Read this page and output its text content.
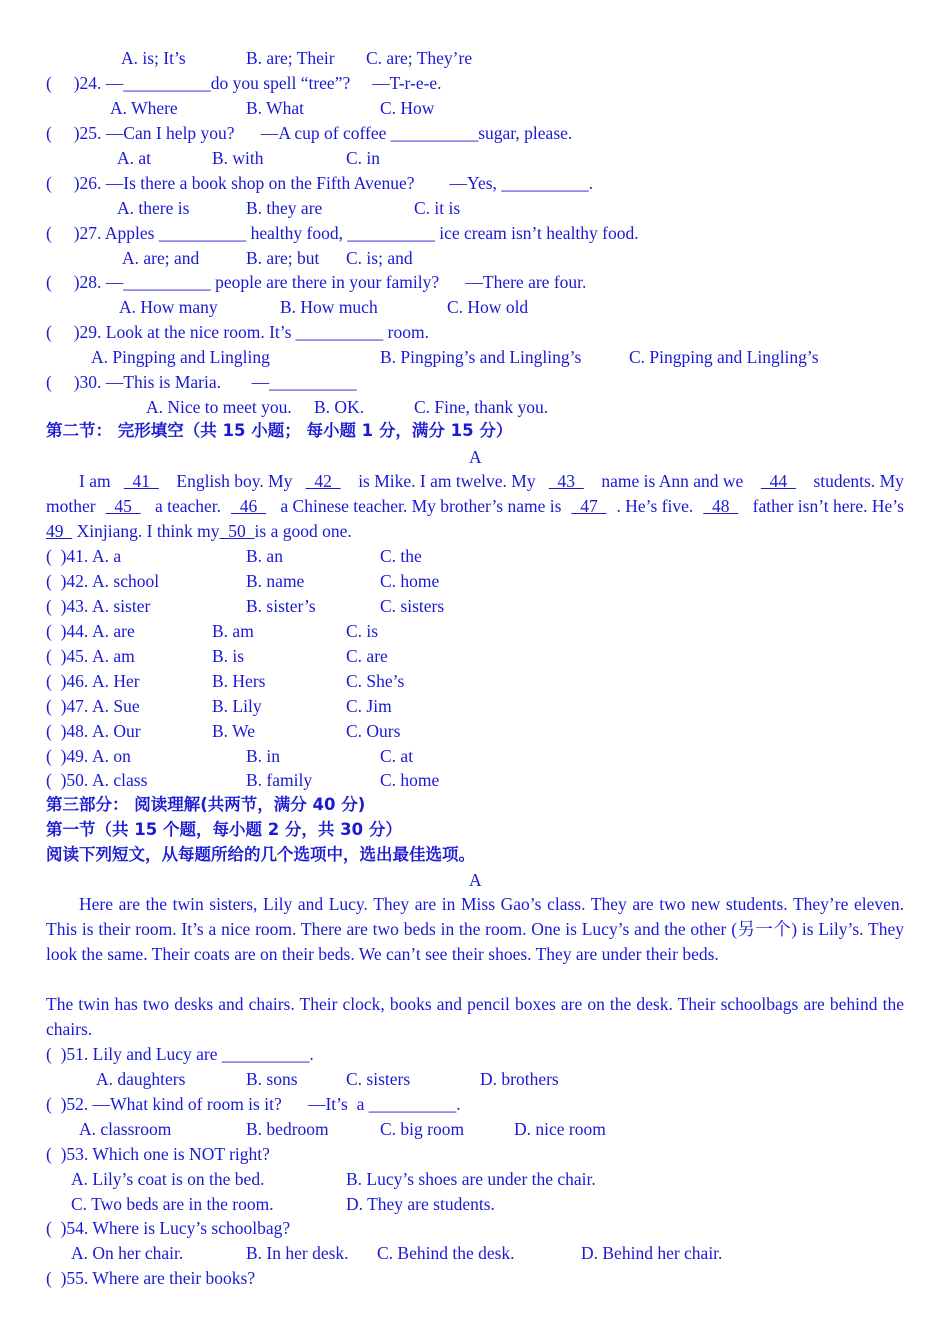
A. is; It’s	B. are; Their C. are; They’re
(     )24. —__________do you spell “tree”?     —T-r-e-e.
A. Where	B. What	C. How
(     )25. —Can I help you?      —A cup of coffee __________sugar, please.
A. at	B. with	C. in
(     )26. —Is there a book shop on the Fifth Avenue?        —Yes, __________.
A. there is	B. they are	C. it is
(     )27. Apples __________ healthy food, __________ ice cream isn’t healthy food.
A. are; and	B. are; but C. is; and
(     )28. —__________ people are there in your family?      —There are four.
A. How many	B. How much	C. How old
(     )29. Look at the nice room. It’s __________ room.
A. Pingping and Lingling	B. Pingping’s and Lingling’s	C. Pingping and Lingling’s
(     )30. —This is Maria.       —__________
A. Nice to meet you. B. OK.	C. Fine, thank you.
第二节： 完形填空（共 15 小题； 每小题 1 分，满分 15 分）
A
I am 41 English boy. My 42 is Mike. I am twelve. My 43 name is Ann and we 44 students. My
mother 45 a teacher. 46 a Chinese teacher. My brother’s name is 47 . He’s five. 48 father isn’t here. He’s
49   Xinjiang. I think my  50  is a good one.
(  )41. A. a	B. an	C. the
(  )42. A. school	B. name	C. home
(  )43. A. sister	B. sister’s	C. sisters
(  )44. A. are	B. am	C. is
(  )45. A. am	B. is	C. are
(  )46. A. Her	B. Hers	C. She’s
(  )47. A. Sue	B. Lily	C. Jim
(  )48. A. Our	B. We	C. Ours
(  )49. A. on	B. in	C. at
(  )50. A. class	B. family	C. home
第三部分： 阅读理解(共两节，满分 40 分)
第一节（共 15 个题，每小题 2 分，共 30 分）
阅读下列短文，从每题所给的几个选项中，选出最佳选项。
A
Here are the twin sisters, Lily and Lucy. They are in Miss Gao’s class. They are two new students. They’re eleven. This is their room. It’s a nice room. There are two beds in the room. One is Lucy’s and the other (另一个) is Lily’s. They look the same. Their coats are on their beds. We can’t see their shoes. They are under their beds.
The twin has two desks and chairs. Their clock, books and pencil boxes are on the desk. Their schoolbags are behind the chairs.
(  )51. Lily and Lucy are __________.
A. daughters	B. sons	C. sisters	D. brothers
(  )52. —What kind of room is it?      —It’s  a __________.
A. classroom	B. bedroom	C. big room	D. nice room
(  )53. Which one is NOT right?
A. Lily’s coat is on the bed.	B. Lucy’s shoes are under the chair.
C. Two beds are in the room.	D. They are students.
(  )54. Where is Lucy’s schoolbag?
A. On her chair.	B. In her desk. C. Behind the desk.	D. Behind her chair.
(  )55. Where are their books?
